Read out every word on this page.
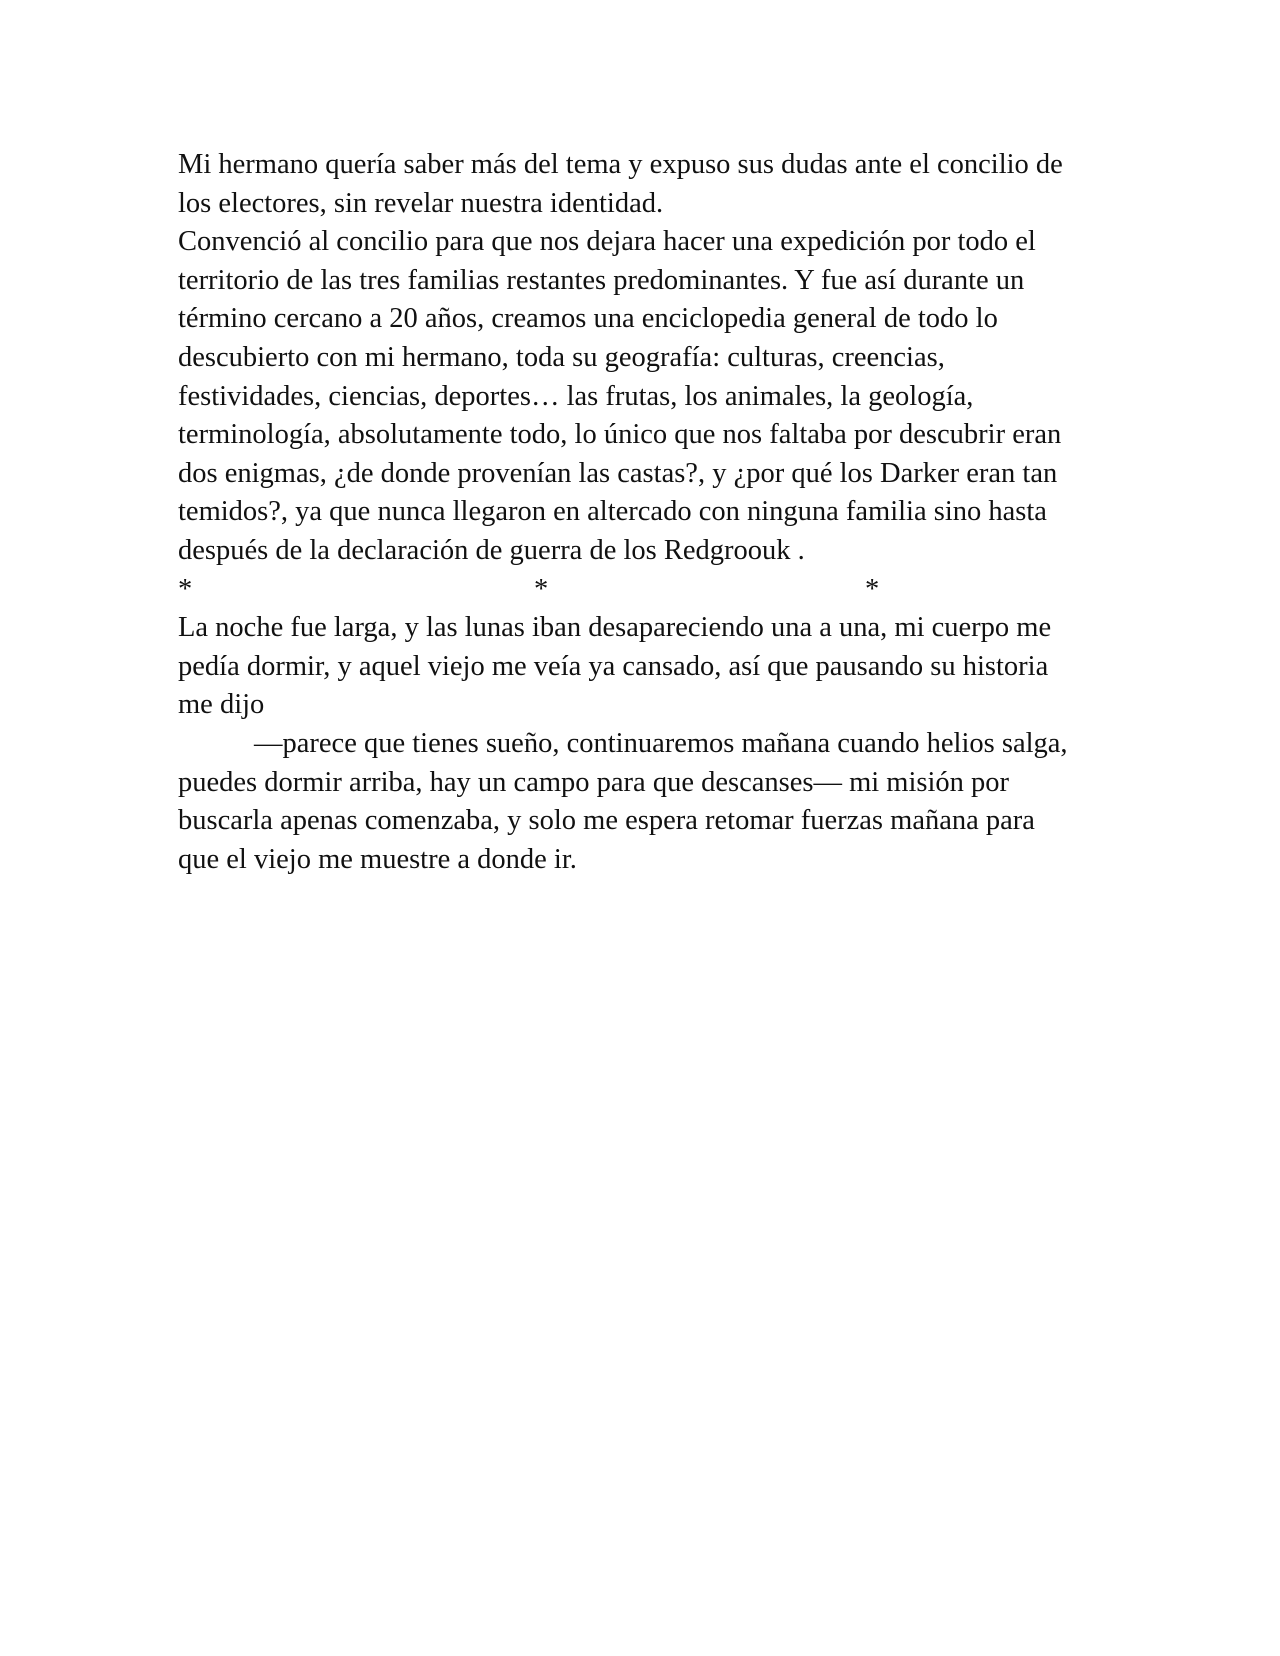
Mi hermano quería saber más del tema y expuso sus dudas ante el concilio de
los electores, sin revelar nuestra identidad.
Convenció al concilio para que nos dejara hacer una expedición por todo el
territorio de las tres familias restantes predominantes. Y fue así durante un
término cercano a 20 años, creamos una enciclopedia general de todo lo
descubierto con mi hermano, toda su geografía: culturas, creencias,
festividades, ciencias, deportes… las frutas, los animales, la geología,
terminología, absolutamente todo, lo único que nos faltaba por descubrir eran
dos enigmas, ¿de donde provenían las castas?, y ¿por qué los Darker eran tan
temidos?, ya que nunca llegaron en altercado con ninguna familia sino hasta
después de la declaración de guerra de los Redgroouk .
*	*	*
La noche fue larga, y las lunas iban desapareciendo una a una, mi cuerpo me
pedía dormir, y aquel viejo me veía ya cansado, así que pausando su historia
me dijo
—parece que tienes sueño, continuaremos mañana cuando helios salga,
puedes dormir arriba, hay un campo para que descanses— mi misión por
buscarla apenas comenzaba, y solo me espera retomar fuerzas mañana para
que el viejo me muestre a donde ir.
